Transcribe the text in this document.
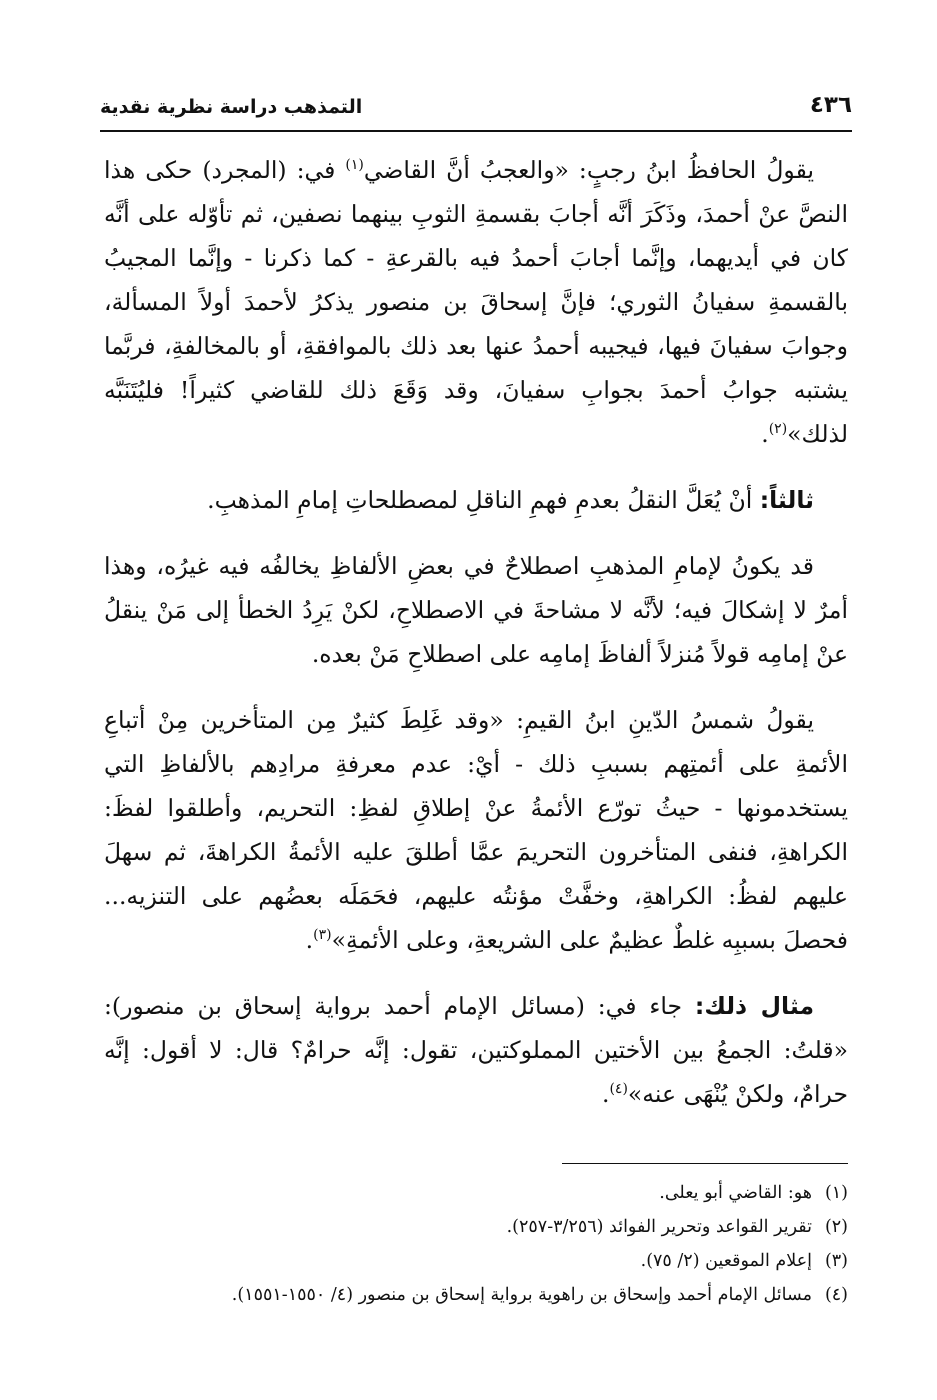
التمذهب دراسة نظرية نقدية	٤٣٦

يقولُ الحافظُ ابنُ رجبٍ: «والعجبُ أنَّ القاضي$^{(١)}$ في: (المجرد) حكى هذا النصَّ عنْ أحمدَ، وذَكَرَ أنَّه أجابَ بقسمةِ الثوبِ بينهما نصفين، ثم تأوّله على أنَّه كان في أيديهما، وإنَّما أجابَ أحمدُ فيه بالقرعةِ - كما ذكرنا - وإنَّما المجيبُ بالقسمةِ سفيانُ الثوري؛ فإنَّ إسحاقَ بن منصور يذكرُ لأحمدَ أولاً المسألة، وجوابَ سفيانَ فيها، فيجيبه أحمدُ عنها بعد ذلك بالموافقةِ، أو بالمخالفةِ، فربَّما يشتبه جوابُ أحمدَ بجوابِ سفيانَ، وقد وَقَعَ ذلك للقاضي كثيراً! فليُتَنَبَّه لذلك»$^{(٢)}$.

ثالثاً: أنْ يُعَلَّ النقلُ بعدمِ فهمِ الناقلِ لمصطلحاتِ إمامِ المذهبِ.

قد يكونُ لإمامِ المذهبِ اصطلاحٌ في بعضِ الألفاظِ يخالفُه فيه غيرُه، وهذا أمرٌ لا إشكالَ فيه؛ لأنَّه لا مشاحةَ في الاصطلاحِ، لكنْ يَرِدُ الخطأ إلى مَنْ ينقلُ عنْ إمامِه قولاً مُنزلاً ألفاظَ إمامِه على اصطلاحِ مَنْ بعده.

يقولُ شمسُ الدّينِ ابنُ القيمِ: «وقد غَلِطَ كثيرٌ مِن المتأخرين مِنْ أتباعِ الأئمةِ على أئمتِهم بسببِ ذلك - أيْ: عدم معرفةِ مرادِهم بالألفاظِ التي يستخدمونها - حيثُ تورّع الأئمةُ عنْ إطلاقِ لفظِ: التحريم، وأطلقوا لفظَ: الكراهةِ، فنفى المتأخرون التحريمَ عمَّا أطلقَ عليه الأئمةُ الكراهةَ، ثم سهلَ عليهم لفظُ: الكراهةِ، وخفَّتْ مؤنتُه عليهم، فحَمَلَه بعضُهم على التنزيه... فحصلَ بسببِه غلطٌ عظيمٌ على الشريعةِ، وعلى الأئمةِ»$^{(٣)}$.

مثال ذلك: جاء في: (مسائل الإمام أحمد برواية إسحاق بن منصور): «قلتُ: الجمعُ بين الأختين المملوكتين، تقول: إنَّه حرامٌ؟ قال: لا أقول: إنَّه حرامٌ، ولكنْ يُنْهَى عنه»$^{(٤)}$.

(١)هو: القاضي أبو يعلى.

(٢)تقرير القواعد وتحرير الفوائد (٣/٢٥٦-٢٥٧).

(٣)إعلام الموقعين (٢/ ٧٥).

(٤)مسائل الإمام أحمد وإسحاق بن راهوية برواية إسحاق بن منصور (٤/ ١٥٥٠-١٥٥١).
